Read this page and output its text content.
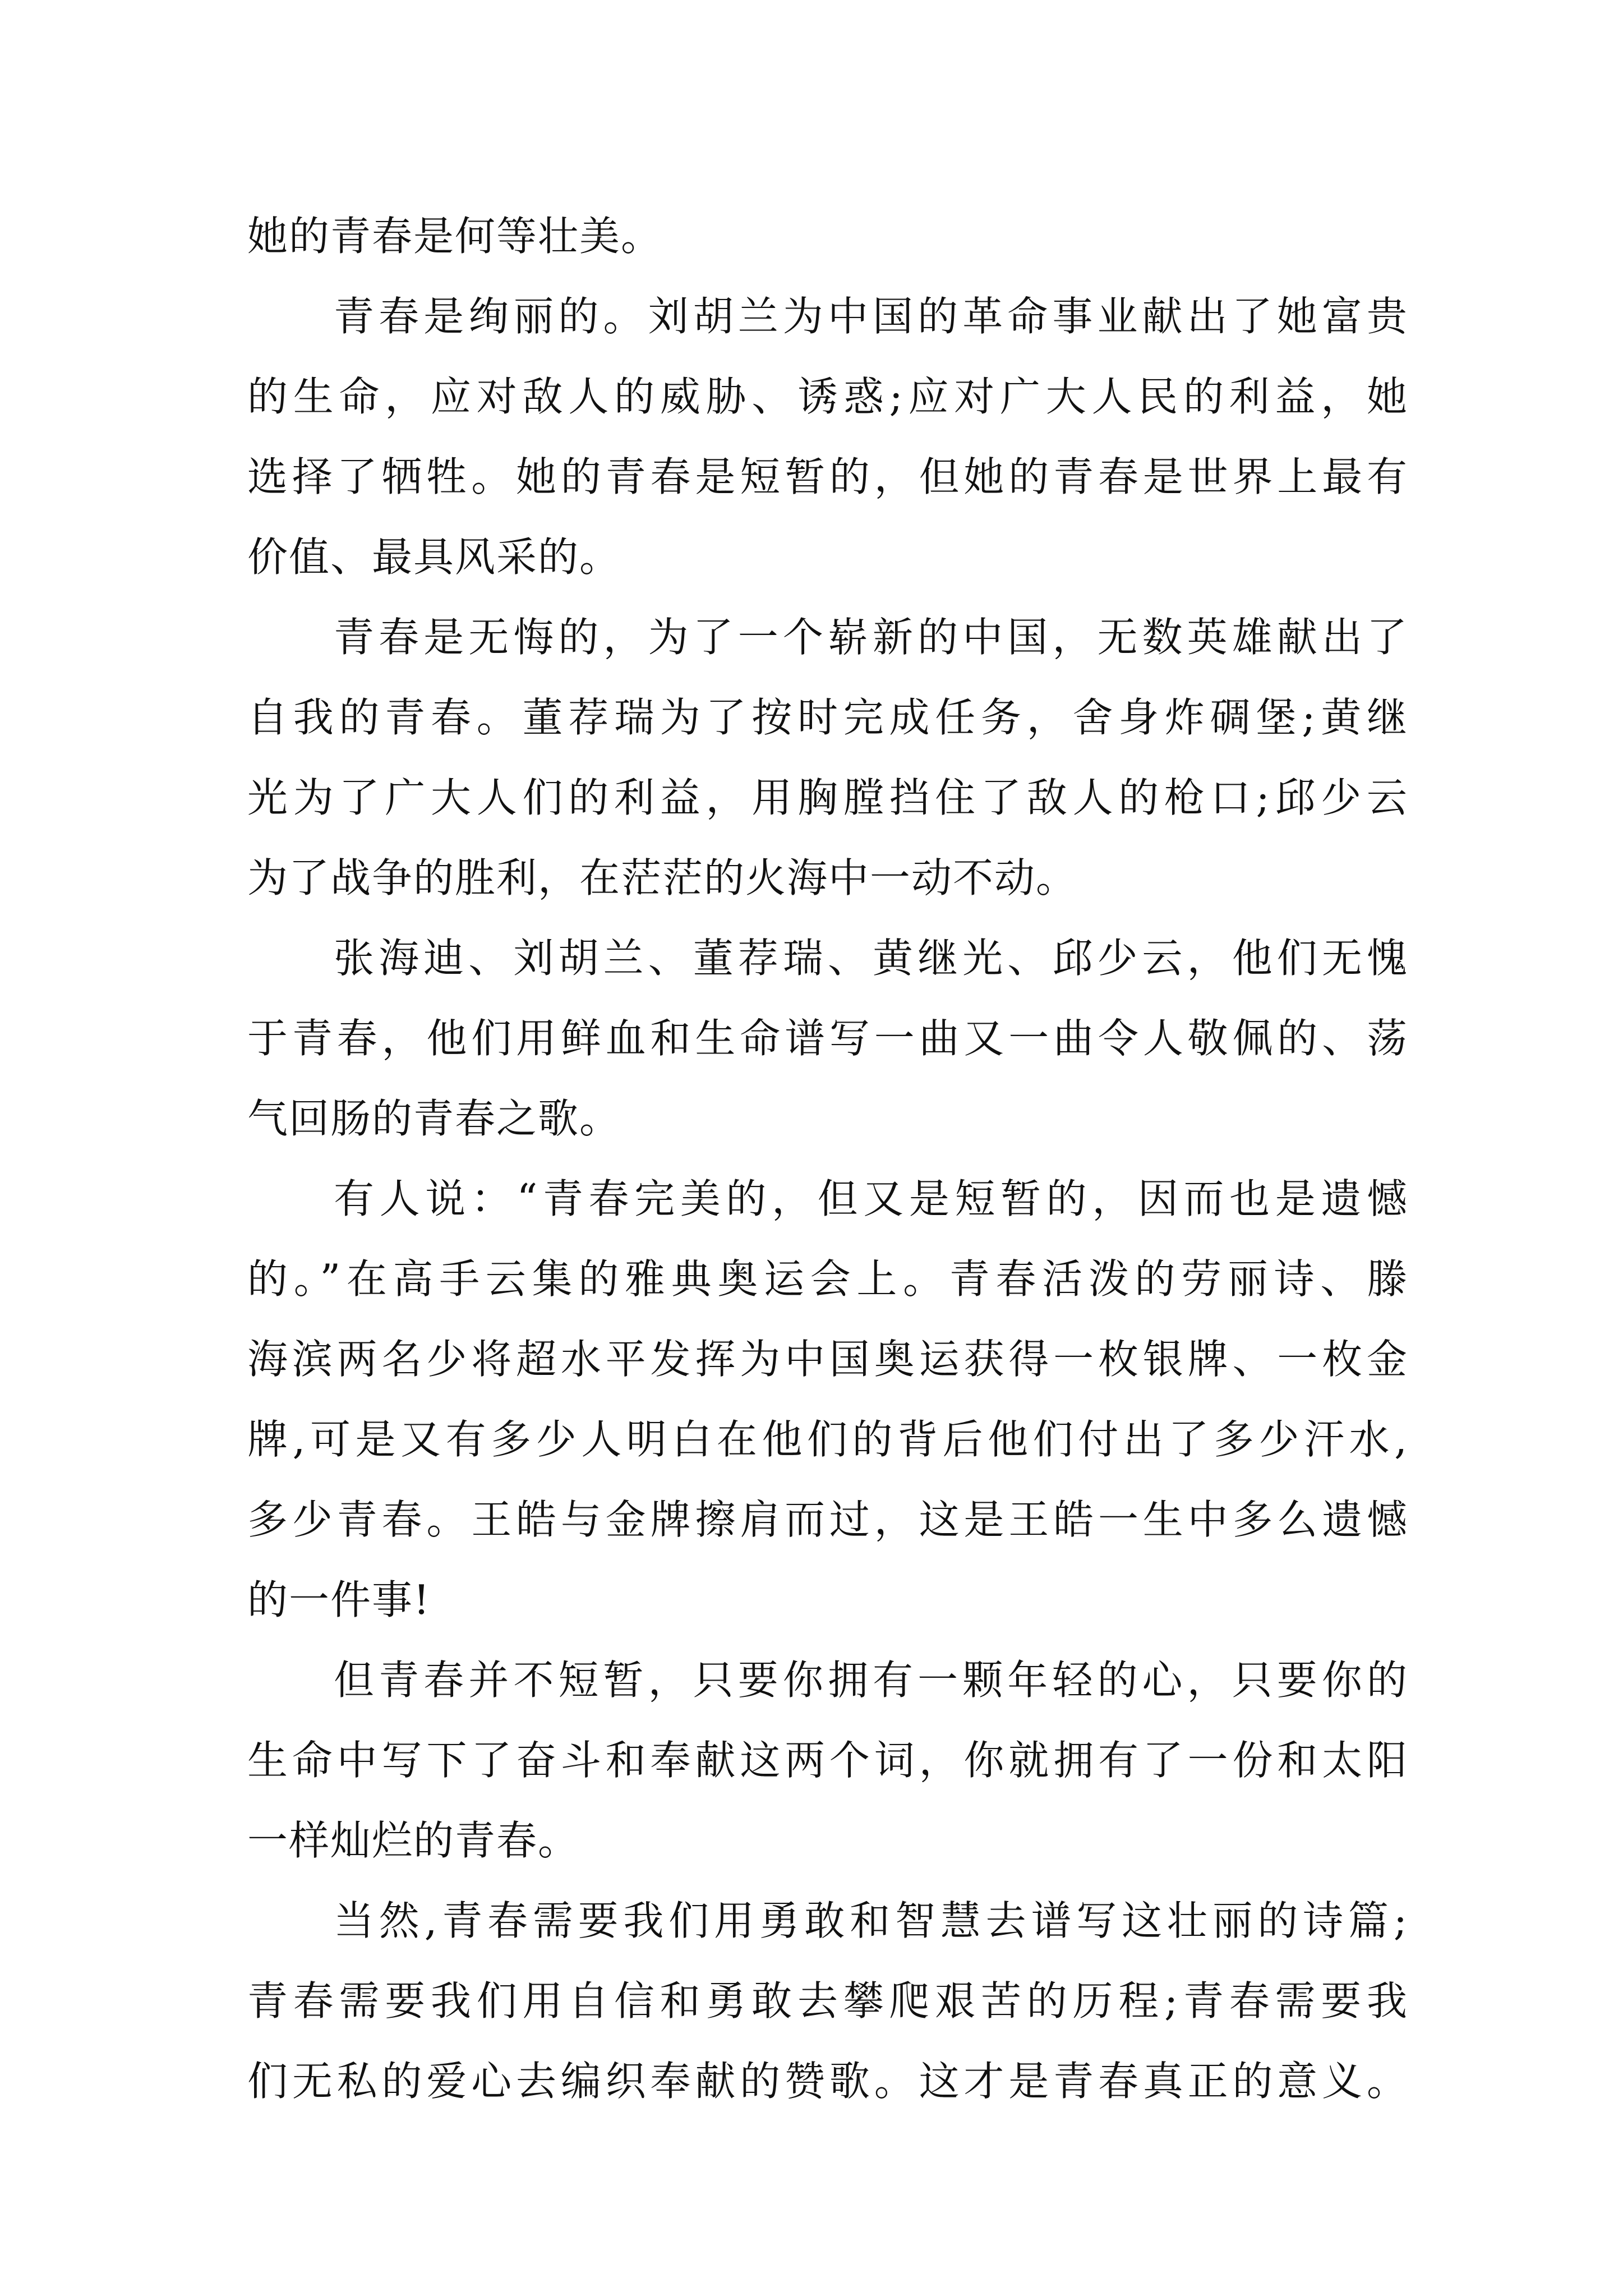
她的青春是何等壮美。
青春是绚丽的。刘胡兰为中国的革命事业献出了她富贵
的生命，应对敌人的威胁、诱惑;应对广大人民的利益，她
选择了牺牲。她的青春是短暂的，但她的青春是世界上最有
价值、最具风采的。
青春是无悔的，为了一个崭新的中国，无数英雄献出了
自我的青春。董荐瑞为了按时完成任务，舍身炸碉堡;黄继
光为了广大人们的利益，用胸膛挡住了敌人的枪口;邱少云
为了战争的胜利，在茫茫的火海中一动不动。
张海迪、刘胡兰、董荐瑞、黄继光、邱少云，他们无愧
于青春，他们用鲜血和生命谱写一曲又一曲令人敬佩的、荡
气回肠的青春之歌。
有人说：“青春完美的，但又是短暂的，因而也是遗憾
的。”在高手云集的雅典奥运会上。青春活泼的劳丽诗、滕
海滨两名少将超水平发挥为中国奥运获得一枚银牌、一枚金
牌,可是又有多少人明白在他们的背后他们付出了多少汗水,
多少青春。王皓与金牌擦肩而过，这是王皓一生中多么遗憾
的一件事!
但青春并不短暂，只要你拥有一颗年轻的心，只要你的
生命中写下了奋斗和奉献这两个词，你就拥有了一份和太阳
一样灿烂的青春。
当然,青春需要我们用勇敢和智慧去谱写这壮丽的诗篇;
青春需要我们用自信和勇敢去攀爬艰苦的历程;青春需要我
们无私的爱心去编织奉献的赞歌。这才是青春真正的意义。
